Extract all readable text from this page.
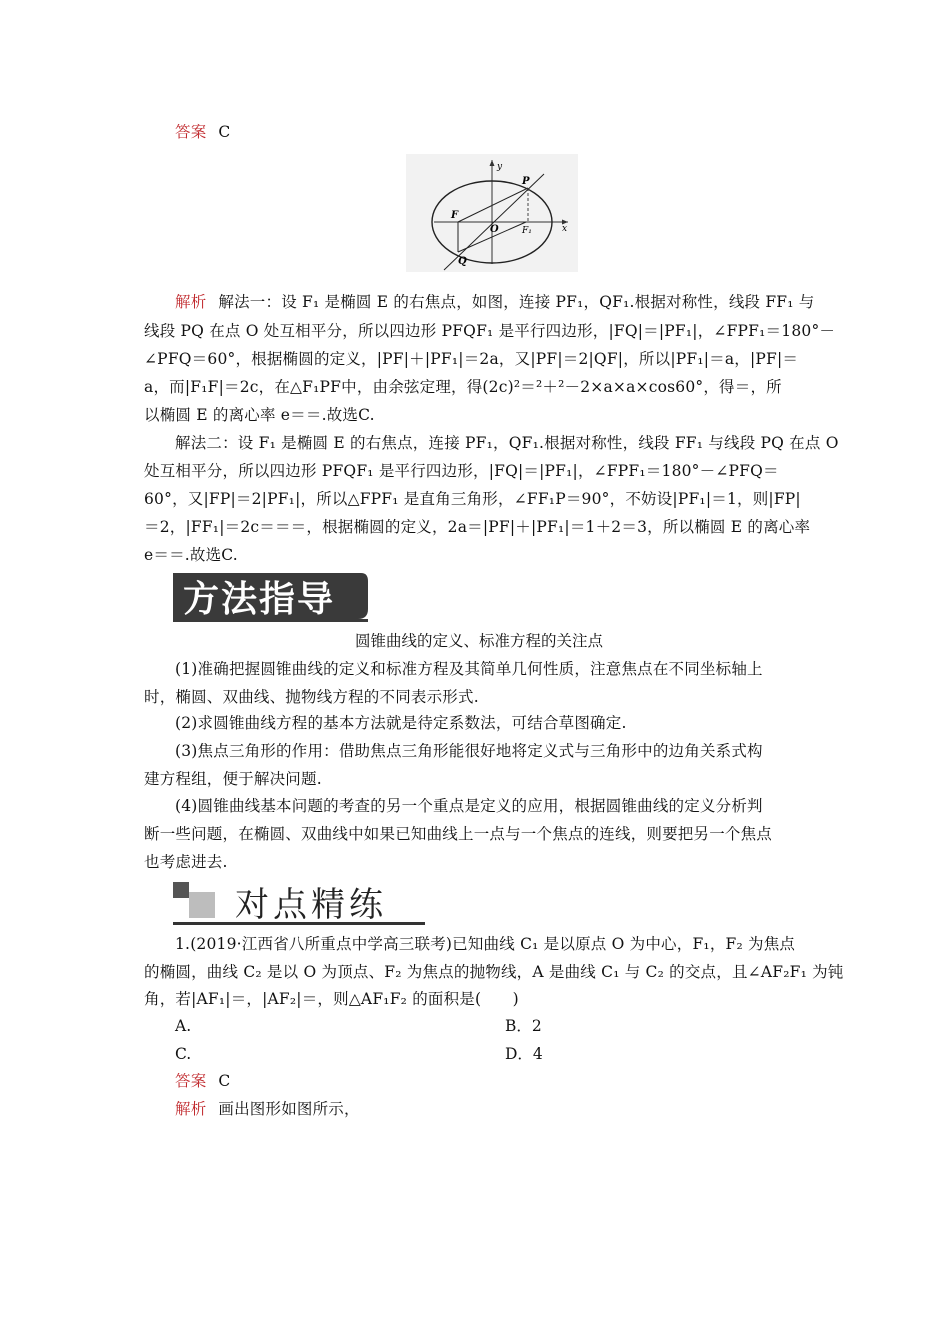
答案 C
y
x
P
F
O	F₁
Q
解析 解法一：设 F₁ 是椭圆 E 的右焦点，如图，连接 PF₁，QF₁.根据对称性，线段 FF₁ 与
线段 PQ 在点 O 处互相平分，所以四边形 PFQF₁ 是平行四边形，|FQ|＝|PF₁|，∠FPF₁＝180°－
∠PFQ＝60°，根据椭圆的定义，|PF|＋|PF₁|＝2a，又|PF|＝2|QF|，所以|PF₁|＝a，|PF|＝
a，而|F₁F|＝2c，在△F₁PF中，由余弦定理，得(2c)²＝²＋²－2×a×a×cos60°，得＝，所
以椭圆 E 的离心率 e＝＝.故选C.
解法二：设 F₁ 是椭圆 E 的右焦点，连接 PF₁，QF₁.根据对称性，线段 FF₁ 与线段 PQ 在点 O
处互相平分，所以四边形 PFQF₁ 是平行四边形，|FQ|＝|PF₁|，∠FPF₁＝180°－∠PFQ＝
60°，又|FP|＝2|PF₁|，所以△FPF₁ 是直角三角形，∠FF₁P＝90°，不妨设|PF₁|＝1，则|FP|
＝2，|FF₁|＝2c＝＝＝，根据椭圆的定义，2a＝|PF|＋|PF₁|＝1＋2＝3，所以椭圆 E 的离心率
e＝＝.故选C.
方法指导
圆锥曲线的定义、标准方程的关注点
(1)准确把握圆锥曲线的定义和标准方程及其简单几何性质，注意焦点在不同坐标轴上
时，椭圆、双曲线、抛物线方程的不同表示形式.
(2)求圆锥曲线方程的基本方法就是待定系数法，可结合草图确定.
(3)焦点三角形的作用：借助焦点三角形能很好地将定义式与三角形中的边角关系式构
建方程组，便于解决问题.
(4)圆锥曲线基本问题的考查的另一个重点是定义的应用，根据圆锥曲线的定义分析判
断一些问题，在椭圆、双曲线中如果已知曲线上一点与一个焦点的连线，则要把另一个焦点
也考虑进去.
对点精练
1.(2019·江西省八所重点中学高三联考)已知曲线 C₁ 是以原点 O 为中心，F₁，F₂ 为焦点
的椭圆，曲线 C₂ 是以 O 为顶点、F₂ 为焦点的抛物线，A 是曲线 C₁ 与 C₂ 的交点，且∠AF₂F₁ 为钝
角，若|AF₁|＝，|AF₂|＝，则△AF₁F₂ 的面积是(　　)
A.	B．2
C.	D．4
答案 C
解析 画出图形如图所示，
